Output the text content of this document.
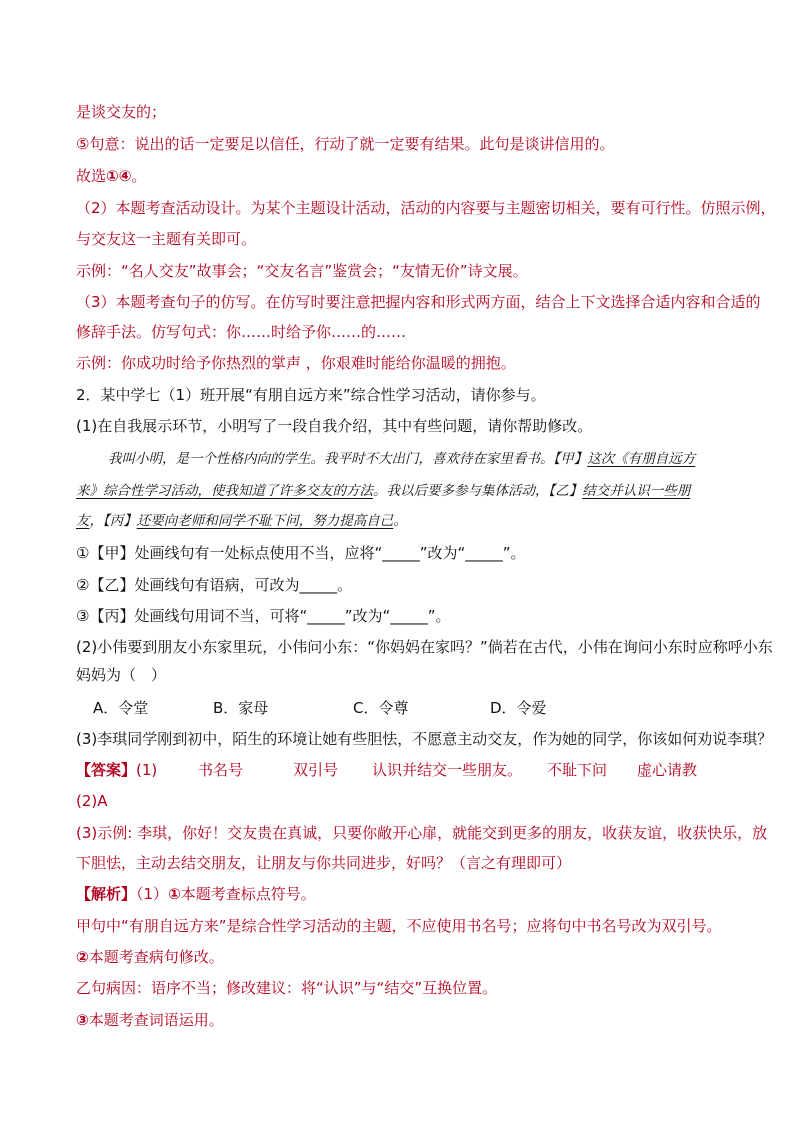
是谈交友的；
⑤句意：说出的话一定要足以信任，行动了就一定要有结果。此句是谈讲信用的。
故选①④。
（2）本题考查活动设计。为某个主题设计活动，活动的内容要与主题密切相关，要有可行性。仿照示例，
与交友这一主题有关即可。
示例：“名人交友”故事会；“交友名言”鉴赏会；“友情无价”诗文展。
（3）本题考查句子的仿写。在仿写时要注意把握内容和形式两方面，结合上下文选择合适内容和合适的
修辞手法。仿写句式：你……时给予你……的……
示例：你成功时给予你热烈的掌声 ，你艰难时能给你温暖的拥抱。
2．某中学七（1）班开展“有朋自远方来”综合性学习活动，请你参与。
(1)在自我展示环节，小明写了一段自我介绍，其中有些问题，请你帮助修改。
我叫小明，是一个性格内向的学生。我平时不大出门，喜欢待在家里看书。【甲】这次《有朋自远方
来》综合性学习活动，使我知道了许多交友的方法。我以后要多参与集体活动，【乙】结交并认识一些朋
友，【丙】还要向老师和同学不耻下问，努力提高自己。
①【甲】处画线句有一处标点使用不当，应将“_____”改为“_____”。
②【乙】处画线句有语病，可改为_____。
③【丙】处画线句用词不当，可将“_____”改为“_____”。
(2)小伟要到朋友小东家里玩，小伟问小东：“你妈妈在家吗？”倘若在古代，小伟在询问小东时应称呼小东
妈妈为（　）
A．令堂	B．家母	C．令尊	D．令爱
(3)李琪同学刚到初中，陌生的环境让她有些胆怯，不愿意主动交友，作为她的同学，你该如何劝说李琪？
【答案】(1)	书名号	双引号 认识并结交一些朋友。 不耻下问 虚心请教
(2)A
(3)示例: 李琪，你好！交友贵在真诚，只要你敞开心扉，就能交到更多的朋友，收获友谊，收获快乐，放
下胆怯，主动去结交朋友，让朋友与你共同进步，好吗？（言之有理即可）
【解析】（1）①本题考查标点符号。
甲句中“有朋自远方来”是综合性学习活动的主题，不应使用书名号；应将句中书名号改为双引号。
②本题考查病句修改。
乙句病因：语序不当；修改建议：将“认识”与“结交”互换位置。
③本题考查词语运用。
